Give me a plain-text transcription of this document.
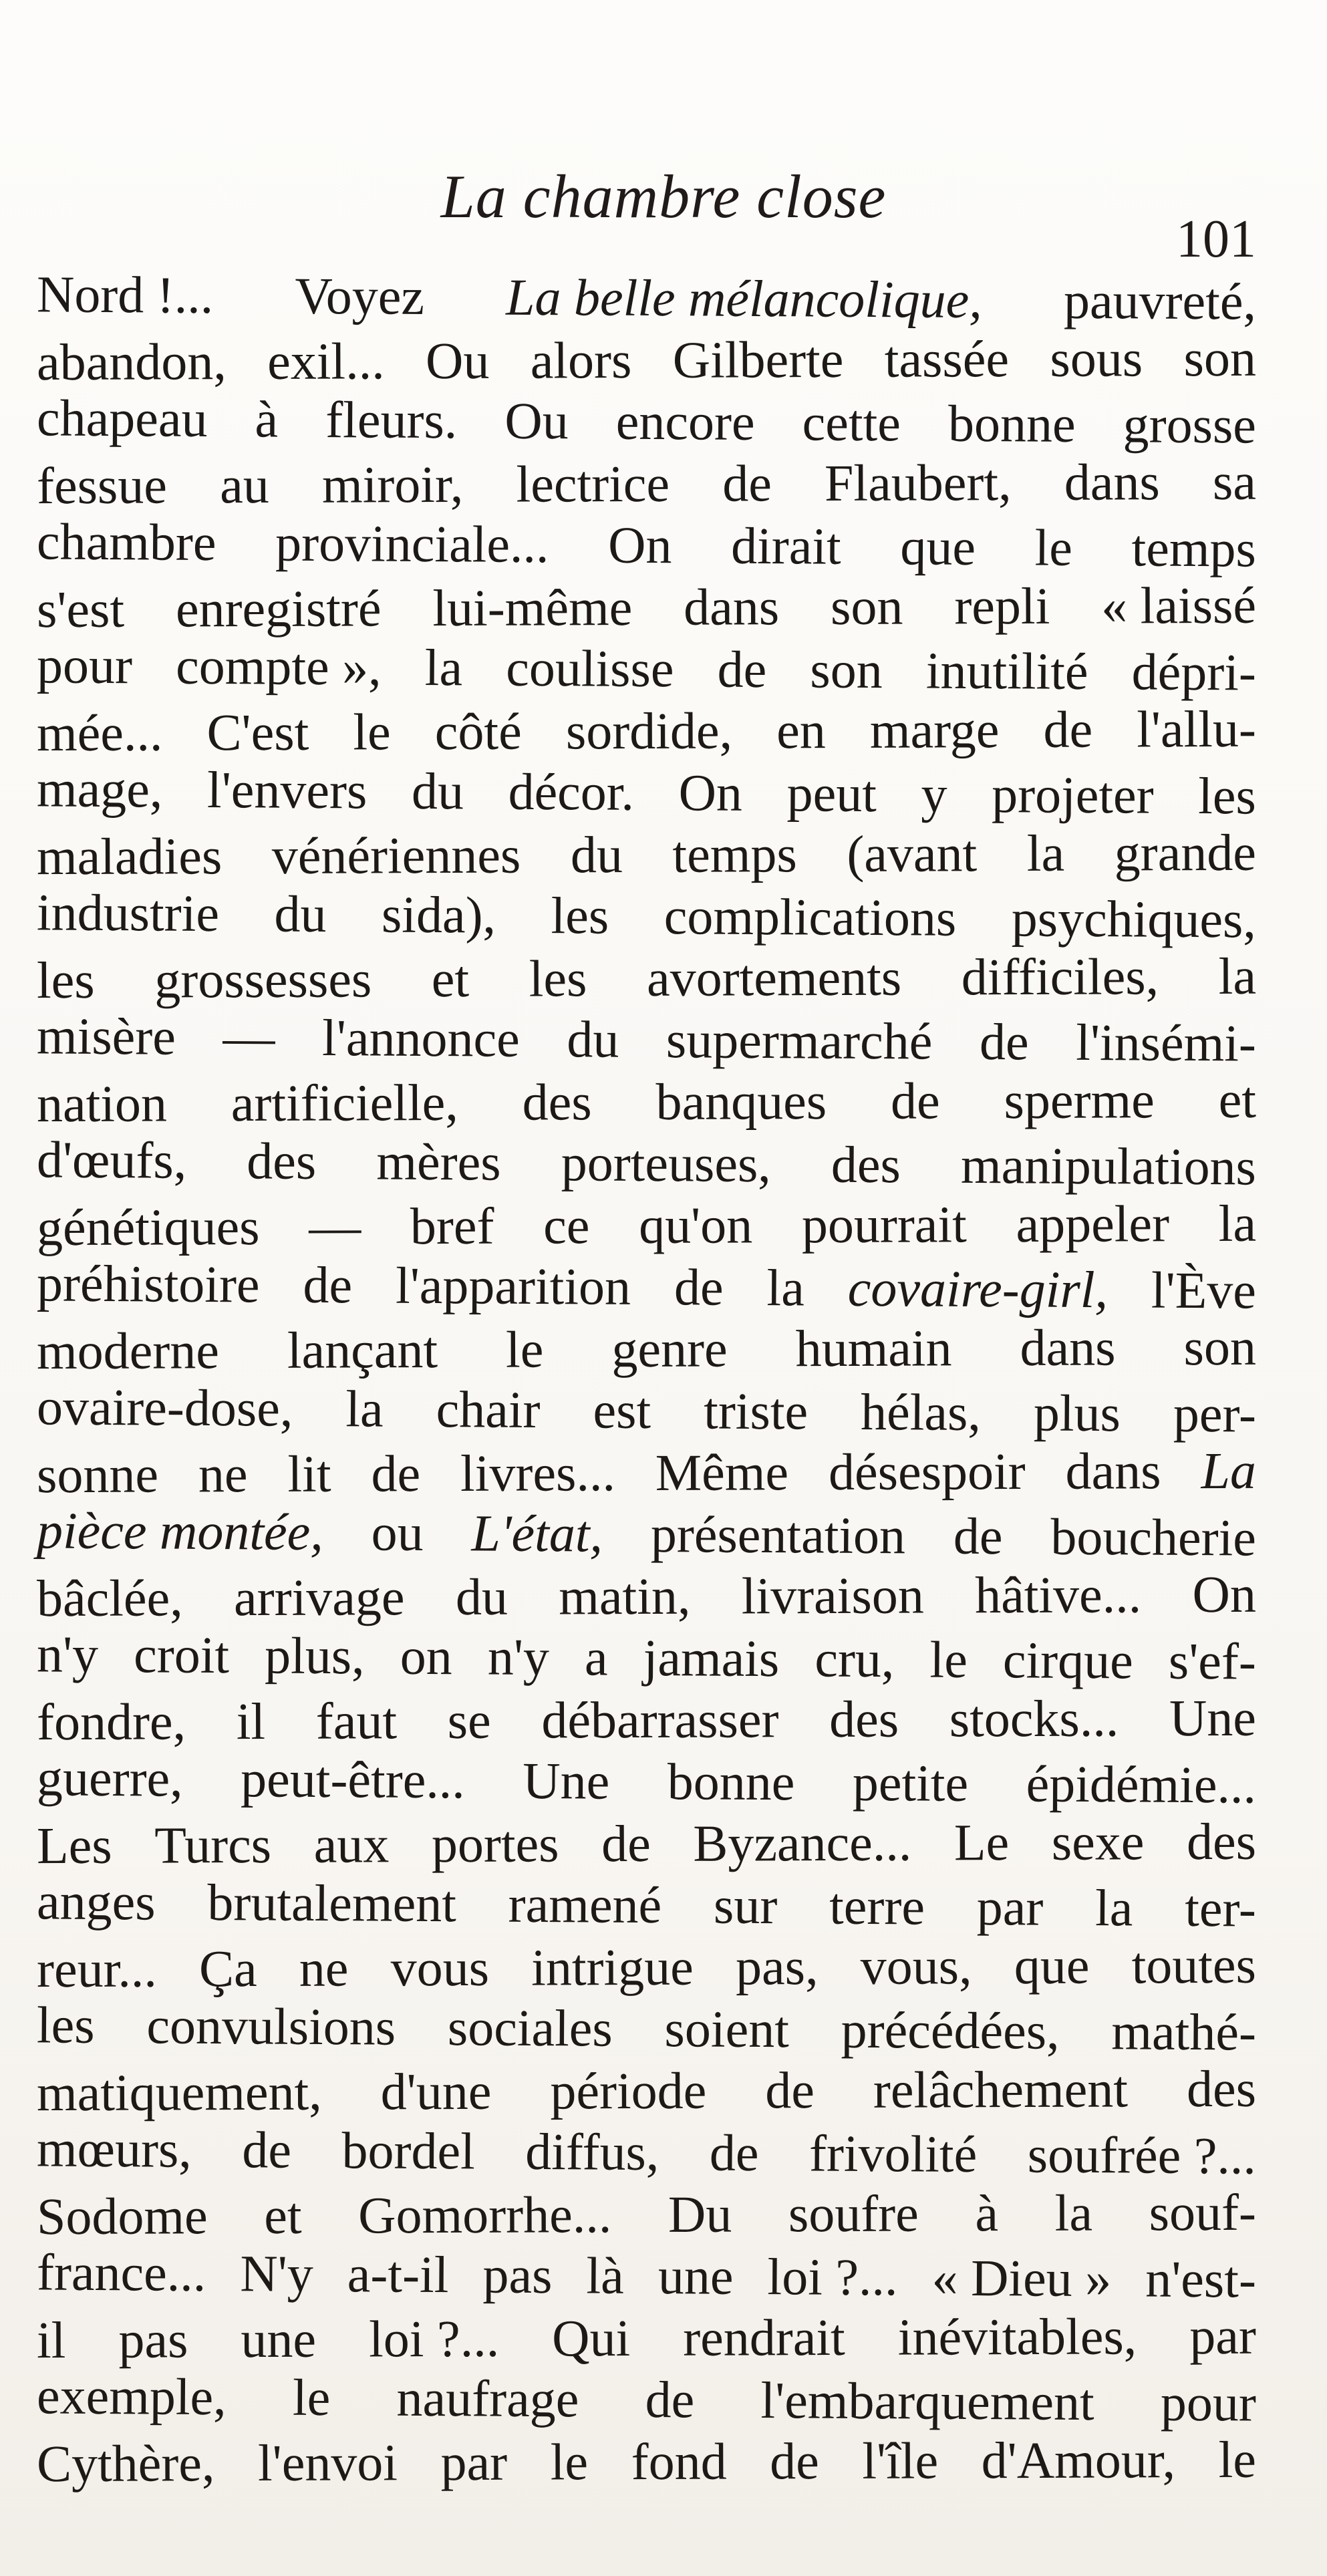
La chambre close
101
Nord !... Voyez La belle mélancolique, pauvreté,
abandon, exil... Ou alors Gilberte tassée sous son
chapeau à fleurs. Ou encore cette bonne grosse
fessue au miroir, lectrice de Flaubert, dans sa
chambre provinciale... On dirait que le temps
s'est enregistré lui-même dans son repli « laissé
pour compte », la coulisse de son inutilité dépri-
mée... C'est le côté sordide, en marge de l'allu-
mage, l'envers du décor. On peut y projeter les
maladies vénériennes du temps (avant la grande
industrie du sida), les complications psychiques,
les grossesses et les avortements difficiles, la
misère — l'annonce du supermarché de l'insémi-
nation artificielle, des banques de sperme et
d'œufs, des mères porteuses, des manipulations
génétiques — bref ce qu'on pourrait appeler la
préhistoire de l'apparition de la covaire-girl, l'Ève
moderne lançant le genre humain dans son
ovaire-dose, la chair est triste hélas, plus per-
sonne ne lit de livres... Même désespoir dans La
pièce montée, ou L'état, présentation de boucherie
bâclée, arrivage du matin, livraison hâtive... On
n'y croit plus, on n'y a jamais cru, le cirque s'ef-
fondre, il faut se débarrasser des stocks... Une
guerre, peut-être... Une bonne petite épidémie...
Les Turcs aux portes de Byzance... Le sexe des
anges brutalement ramené sur terre par la ter-
reur... Ça ne vous intrigue pas, vous, que toutes
les convulsions sociales soient précédées, mathé-
matiquement, d'une période de relâchement des
mœurs, de bordel diffus, de frivolité soufrée ?...
Sodome et Gomorrhe... Du soufre à la souf-
france... N'y a-t-il pas là une loi ?... « Dieu » n'est-
il pas une loi ?... Qui rendrait inévitables, par
exemple, le naufrage de l'embarquement pour
Cythère, l'envoi par le fond de l'île d'Amour, le
